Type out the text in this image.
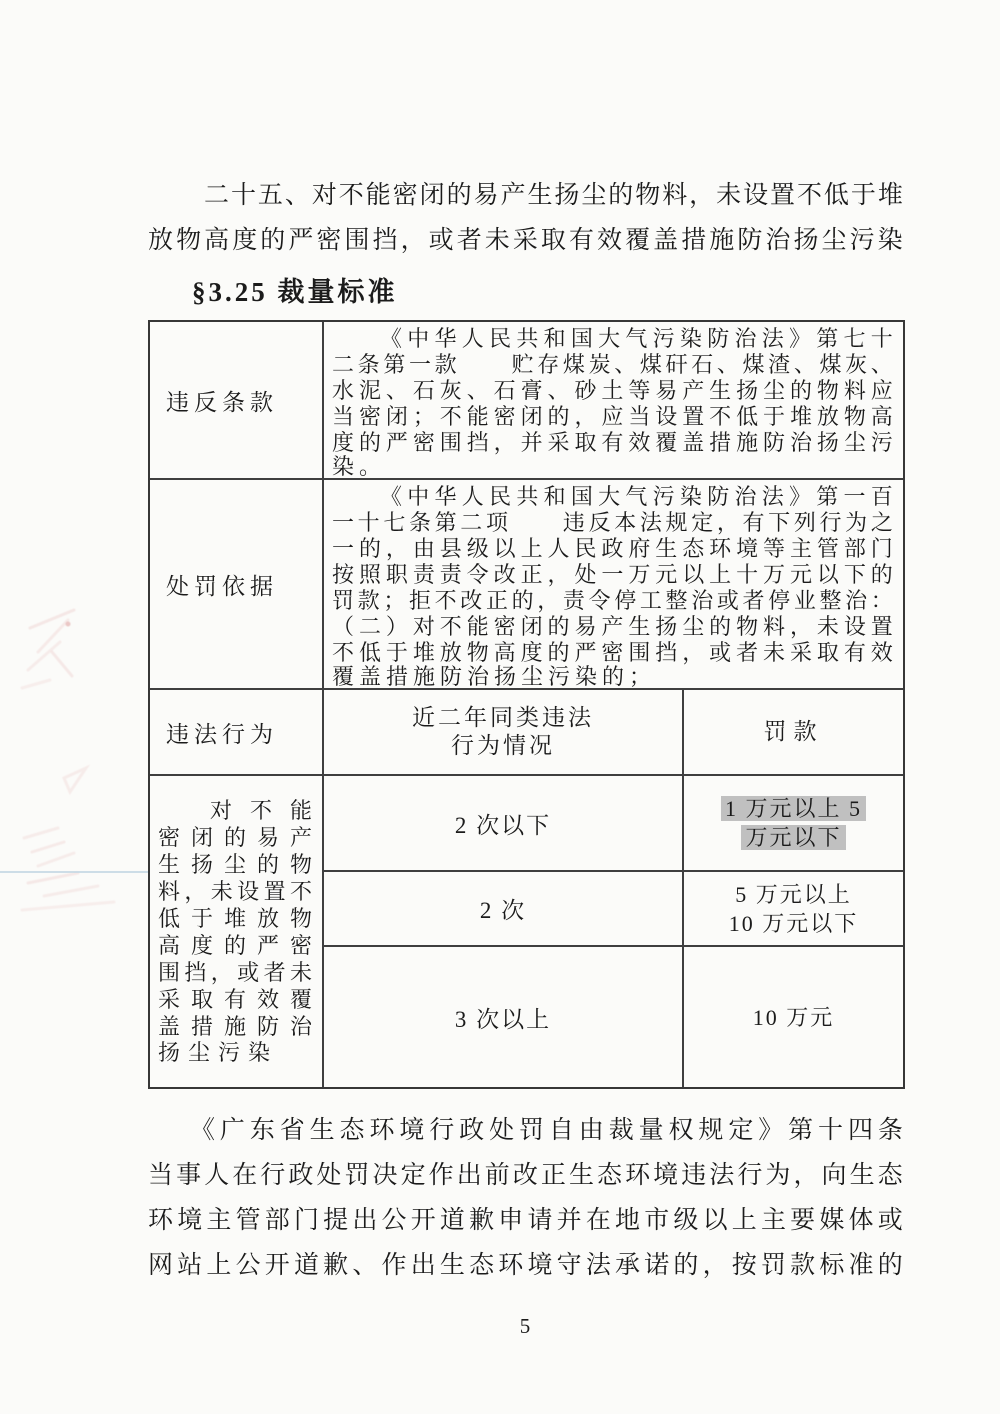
二 十 五 、 对 不 能 密 闭 的 易 产 生 扬 尘 的 物 料 ， 未 设 置 不 低 于 堆
放 物 高 度 的 严 密 围 挡 ， 或 者 未 采 取 有 效 覆 盖 措 施 防 治 扬 尘 污 染
§3.25 裁量标准
违反条款
《 中 华 人 民 共 和 国 大 气 污 染 防 治 法 》 第 七 十
二 条 第 一 款

　 贮 存 煤 炭 、 煤 矸 石 、 煤 渣 、 煤 灰 、
水 泥 、 石 灰 、 石 膏 、 砂 土 等 易 产 生 扬 尘 的 物 料 应
当 密 闭 ； 不 能 密 闭 的 ， 应 当 设 置 不 低 于 堆 放 物 高
度 的 严 密 围 挡 ， 并 采 取 有 效 覆 盖 措 施 防 治 扬 尘 污
染。
处罚依据
《 中 华 人 民 共 和 国 大 气 污 染 防 治 法 》 第 一 百
一 十 七 条 第 二 项

　 违 反 本 法 规 定 ， 有 下 列 行 为 之
一 的 ， 由 县 级 以 上 人 民 政 府 生 态 环 境 等 主 管 部 门
按 照 职 责 责 令 改 正 ， 处 一 万 元 以 上 十 万 元 以 下 的
罚 款 ； 拒 不 改 正 的 ， 责 令 停 工 整 治 或 者 停 业 整 治 ：
（ 二 ） 对 不 能 密 闭 的 易 产 生 扬 尘 的 物 料 ， 未 设 置
不 低 于 堆 放 物 高 度 的 严 密 围 挡 ， 或 者 未 采 取 有 效
覆盖措施防治扬尘污染的；
违法行为
近二年同类违法
行为情况
罚款
对 不 能
密 闭 的 易 产
生 扬 尘 的 物
料 ， 未 设 置 不
低 于 堆 放 物
高 度 的 严 密
围 挡 ， 或 者 未
采 取 有 效 覆
盖 措 施 防 治
扬尘污染
2 次以下
1 万元以上 5
万元以下
2 次
5 万元以上
10 万元以下
3 次以上	10 万元
《 广 东 省 生 态 环 境 行 政 处 罚 自 由 裁 量 权 规 定 》 第 十 四 条
当 事 人 在 行 政 处 罚 决 定 作 出 前 改 正 生 态 环 境 违 法 行 为 ， 向 生 态
环 境 主 管 部 门 提 出 公 开 道 歉 申 请 并 在 地 市 级 以 上 主 要 媒 体 或
网 站 上 公 开 道 歉 、 作 出 生 态 环 境 守 法 承 诺 的 ， 按 罚 款 标 准 的
5
